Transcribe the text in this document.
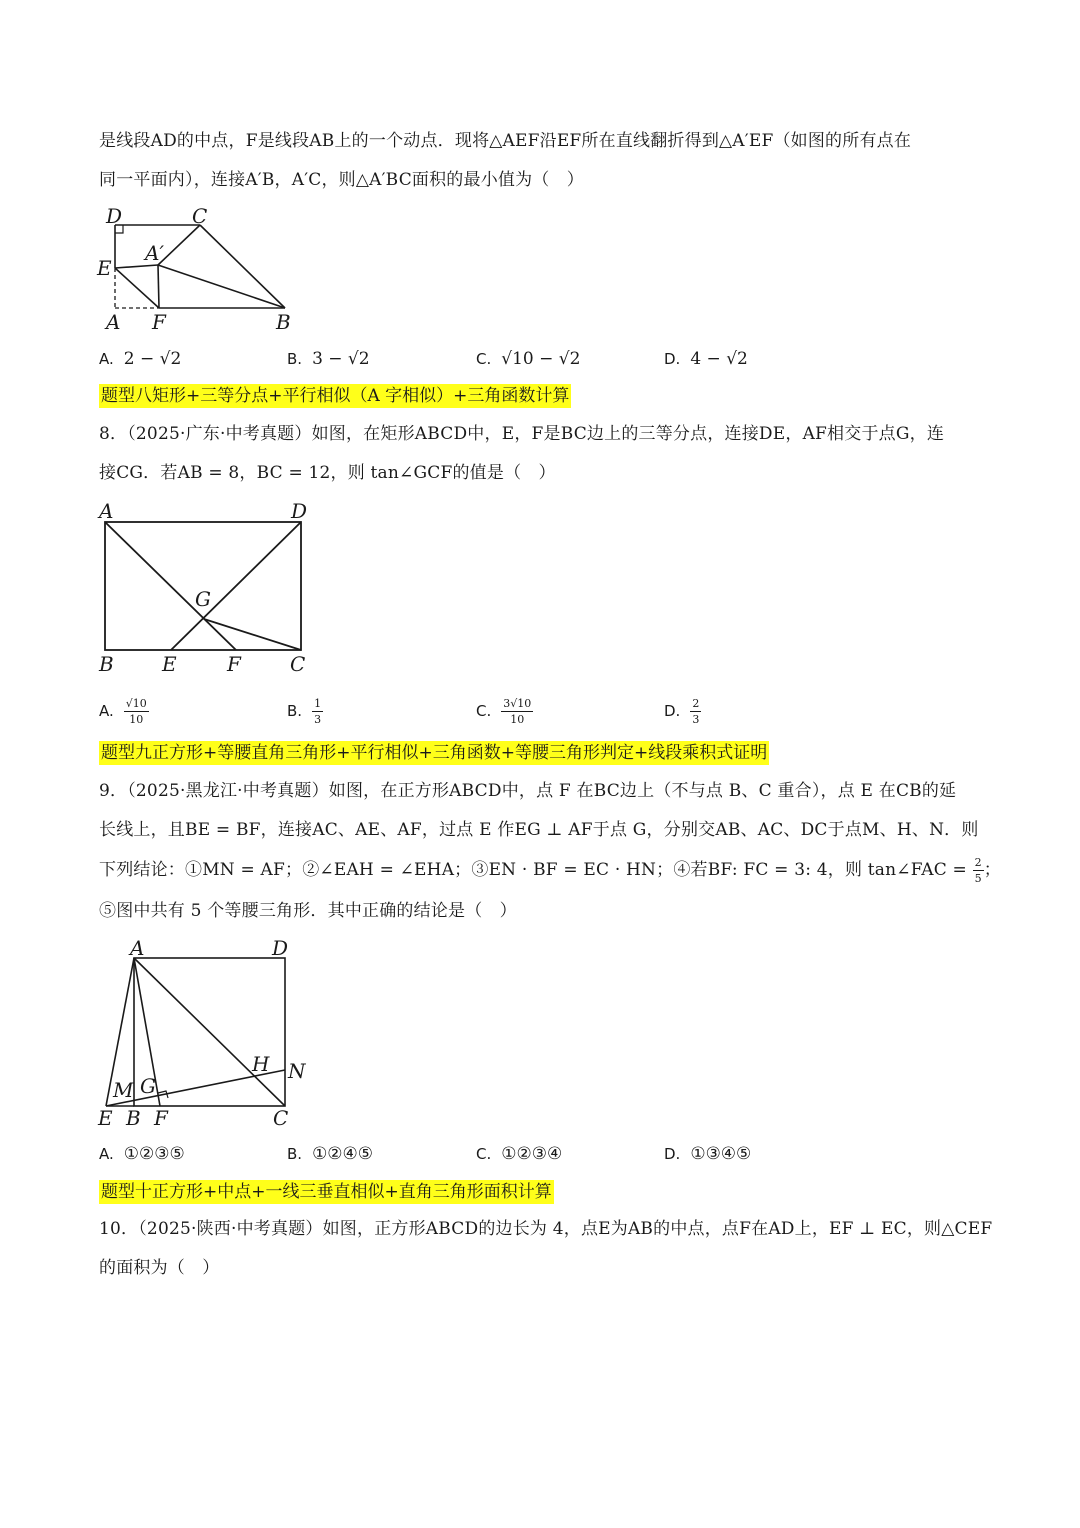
是线段AD的中点，F是线段AB上的一个动点．现将△AEF沿EF所在直线翻折得到△A′EF（如图的所有点在
同一平面内），连接A′B，A′C，则△A′BC面积的最小值为（　）
D	C
A′
E
A F	B
A. 2 − √2	B. 3 − √2	C. √10 − √2	D. 4 − √2
题型八矩形+三等分点+平行相似（A 字相似）+三角函数计算
8．（2025·广东·中考真题）如图，在矩形ABCD中，E，F是BC边上的三等分点，连接DE，AF相交于点G，连
接CG．若AB = 8，BC = 12，则 tan∠GCF的值是（　）
A	D
G
B E	F C
A. $\frac{√10}{10}$	B. $\frac{1}{3}$	C. $\frac{3√10}{10}$	D. $\frac{2}{3}$
题型九正方形+等腰直角三角形+平行相似+三角函数+等腰三角形判定+线段乘积式证明
9．（2025·黑龙江·中考真题）如图，在正方形ABCD中，点 F 在BC边上（不与点 B、C 重合），点 E 在CB的延
长线上，且BE = BF，连接AC、AE、AF，过点 E 作EG ⊥ AF于点 G，分别交AB、AC、DC于点M、H、N．则
下列结论：①MN = AF；②∠EAH = ∠EHA；③EN · BF = EC · HN；④若BF: FC = 3: 4，则 tan∠FAC = $\frac{2}{5}$ ；
⑤图中共有 5 个等腰三角形．其中正确的结论是（　）
A	D
H N
M G
E B F	C
A. ①②③⑤	B. ①②④⑤	C. ①②③④	D. ①③④⑤
题型十正方形+中点+一线三垂直相似+直角三角形面积计算
10．（2025·陕西·中考真题）如图，正方形ABCD的边长为 4，点E为AB的中点，点F在AD上，EF ⊥ EC，则△CEF
的面积为（　）
